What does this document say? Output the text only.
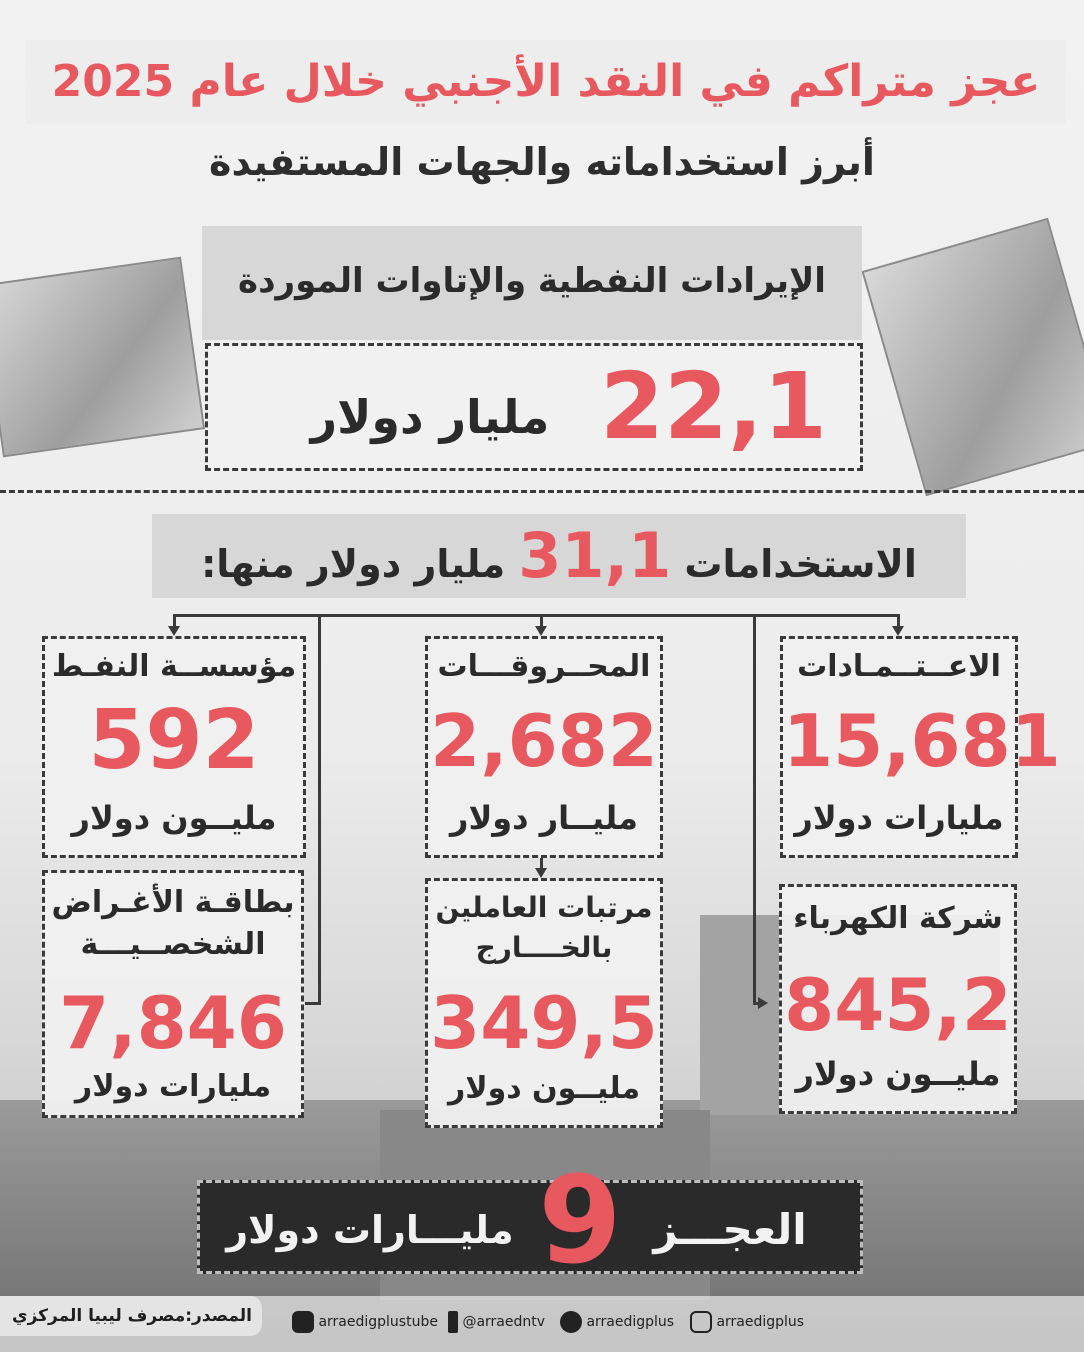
عجز متراكم في النقد الأجنبي خلال عام 2025
أبرز استخداماته والجهات المستفيدة
الإيرادات النفطية والإتاوات الموردة
22,1
مليار دولار
الاستخدامات 31,1 مليار دولار منها:
الاعــتــمـادات
15,681
مليارات دولار
المحــروقـــات
2,682
مليــار دولار
مؤسســة النفـط
592
مليــون دولار
شركة الكهرباء
845,2
مليــون دولار
مرتبات العاملين
بالخــــارج
349,5
مليــون دولار
بطاقـة الأغـراض
الشخصــيـــة
7,846
مليارات دولار
العجـــز
9
مليـــارات دولار
المصدر:مصرف ليبيا المركزي	arraedigplustube	@arraedntv	arraedigplus	arraedigplus
